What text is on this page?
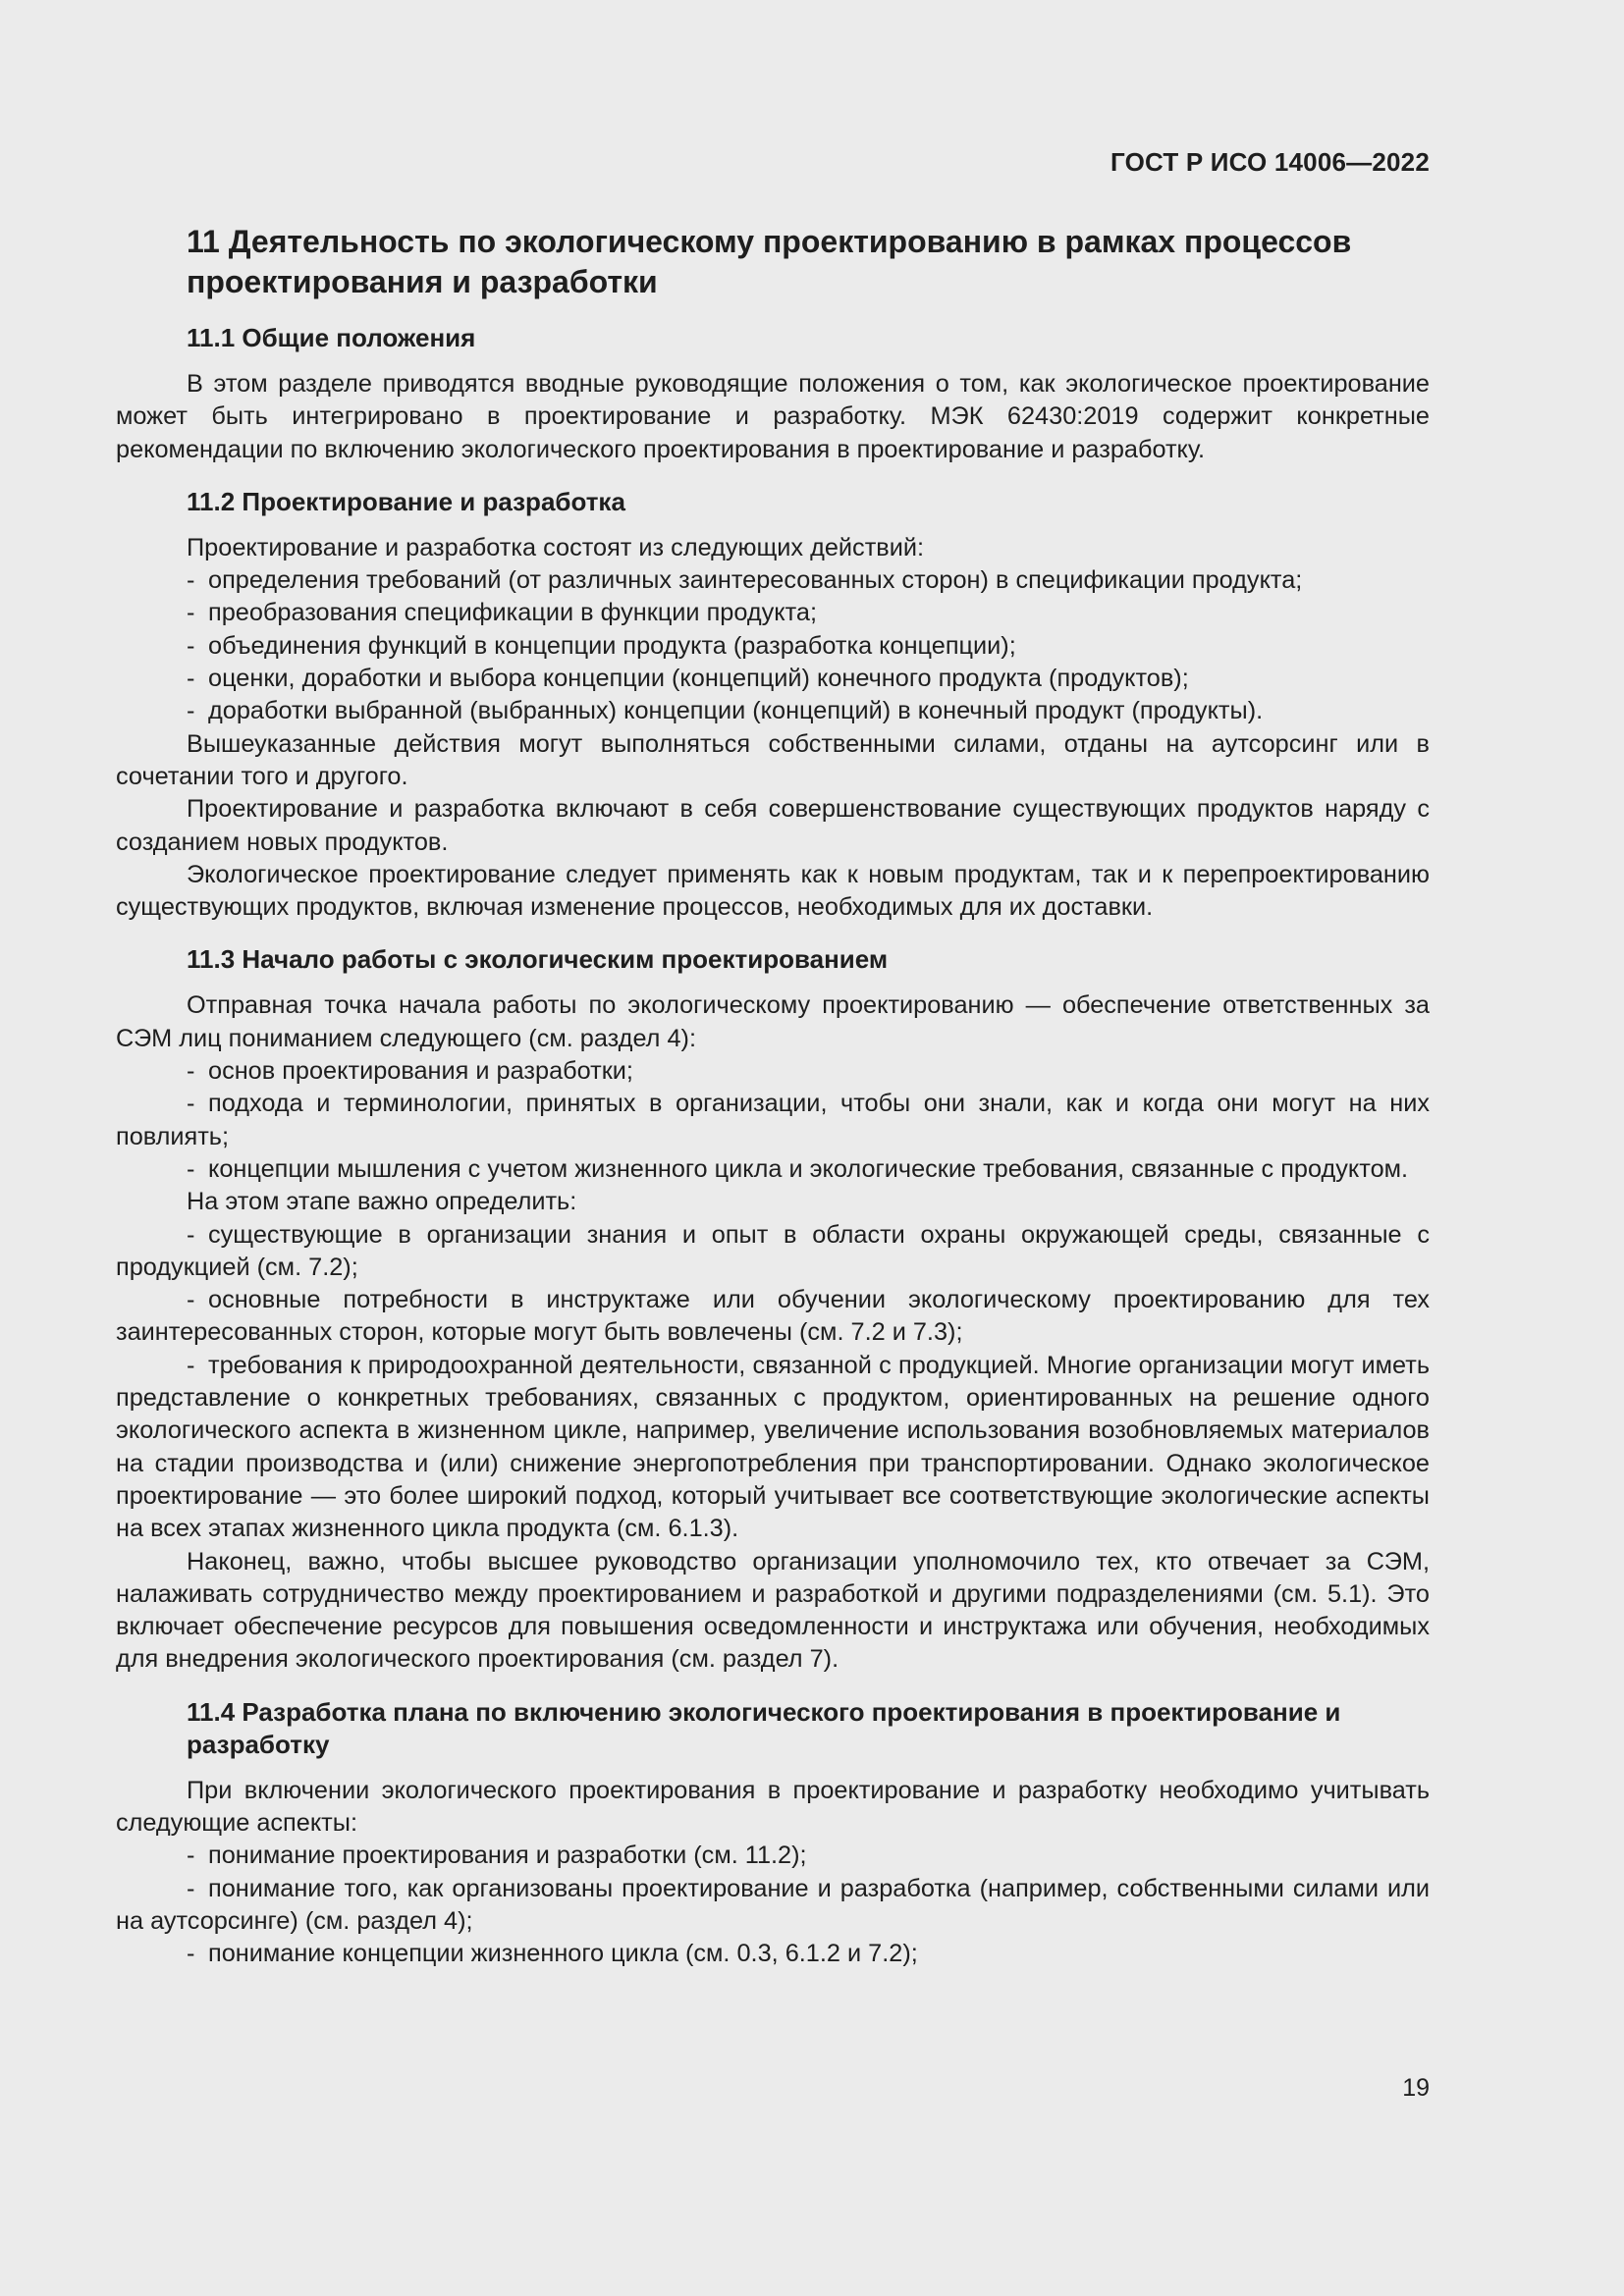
ГОСТ Р ИСО 14006—2022
11 Деятельность по экологическому проектированию в рамках процессов проектирования и разработки
11.1 Общие положения

В этом разделе приводятся вводные руководящие положения о том, как экологическое проектирование может быть интегрировано в проектирование и разработку. МЭК 62430:2019 содержит конкретные рекомендации по включению экологического проектирования в проектирование и разработку.

11.2 Проектирование и разработка

Проектирование и разработка состоят из следующих действий:

- определения требований (от различных заинтересованных сторон) в спецификации продукта;

- преобразования спецификации в функции продукта;

- объединения функций в концепции продукта (разработка концепции);

- оценки, доработки и выбора концепции (концепций) конечного продукта (продуктов);

- доработки выбранной (выбранных) концепции (концепций) в конечный продукт (продукты).

Вышеуказанные действия могут выполняться собственными силами, отданы на аутсорсинг или в сочетании того и другого.

Проектирование и разработка включают в себя совершенствование существующих продуктов наряду с созданием новых продуктов.

Экологическое проектирование следует применять как к новым продуктам, так и к перепроектированию существующих продуктов, включая изменение процессов, необходимых для их доставки.

11.3 Начало работы с экологическим проектированием

Отправная точка начала работы по экологическому проектированию — обеспечение ответственных за СЭМ лиц пониманием следующего (см. раздел 4):

- основ проектирования и разработки;

- подхода и терминологии, принятых в организации, чтобы они знали, как и когда они могут на них повлиять;

- концепции мышления с учетом жизненного цикла и экологические требования, связанные с продуктом.

На этом этапе важно определить:

- существующие в организации знания и опыт в области охраны окружающей среды, связанные с продукцией (см. 7.2);

- основные потребности в инструктаже или обучении экологическому проектированию для тех заинтересованных сторон, которые могут быть вовлечены (см. 7.2 и 7.3);

- требования к природоохранной деятельности, связанной с продукцией. Многие организации могут иметь представление о конкретных требованиях, связанных с продуктом, ориентированных на решение одного экологического аспекта в жизненном цикле, например, увеличение использования возобновляемых материалов на стадии производства и (или) снижение энергопотребления при транспортировании. Однако экологическое проектирование — это более широкий подход, который учитывает все соответствующие экологические аспекты на всех этапах жизненного цикла продукта (см. 6.1.3).

Наконец, важно, чтобы высшее руководство организации уполномочило тех, кто отвечает за СЭМ, налаживать сотрудничество между проектированием и разработкой и другими подразделениями (см. 5.1). Это включает обеспечение ресурсов для повышения осведомленности и инструктажа или обучения, необходимых для внедрения экологического проектирования (см. раздел 7).

11.4 Разработка плана по включению экологического проектирования в проектирование и разработку

При включении экологического проектирования в проектирование и разработку необходимо учитывать следующие аспекты:

- понимание проектирования и разработки (см. 11.2);

- понимание того, как организованы проектирование и разработка (например, собственными силами или на аутсорсинге) (см. раздел 4);

- понимание концепции жизненного цикла (см. 0.3, 6.1.2 и 7.2);

19
